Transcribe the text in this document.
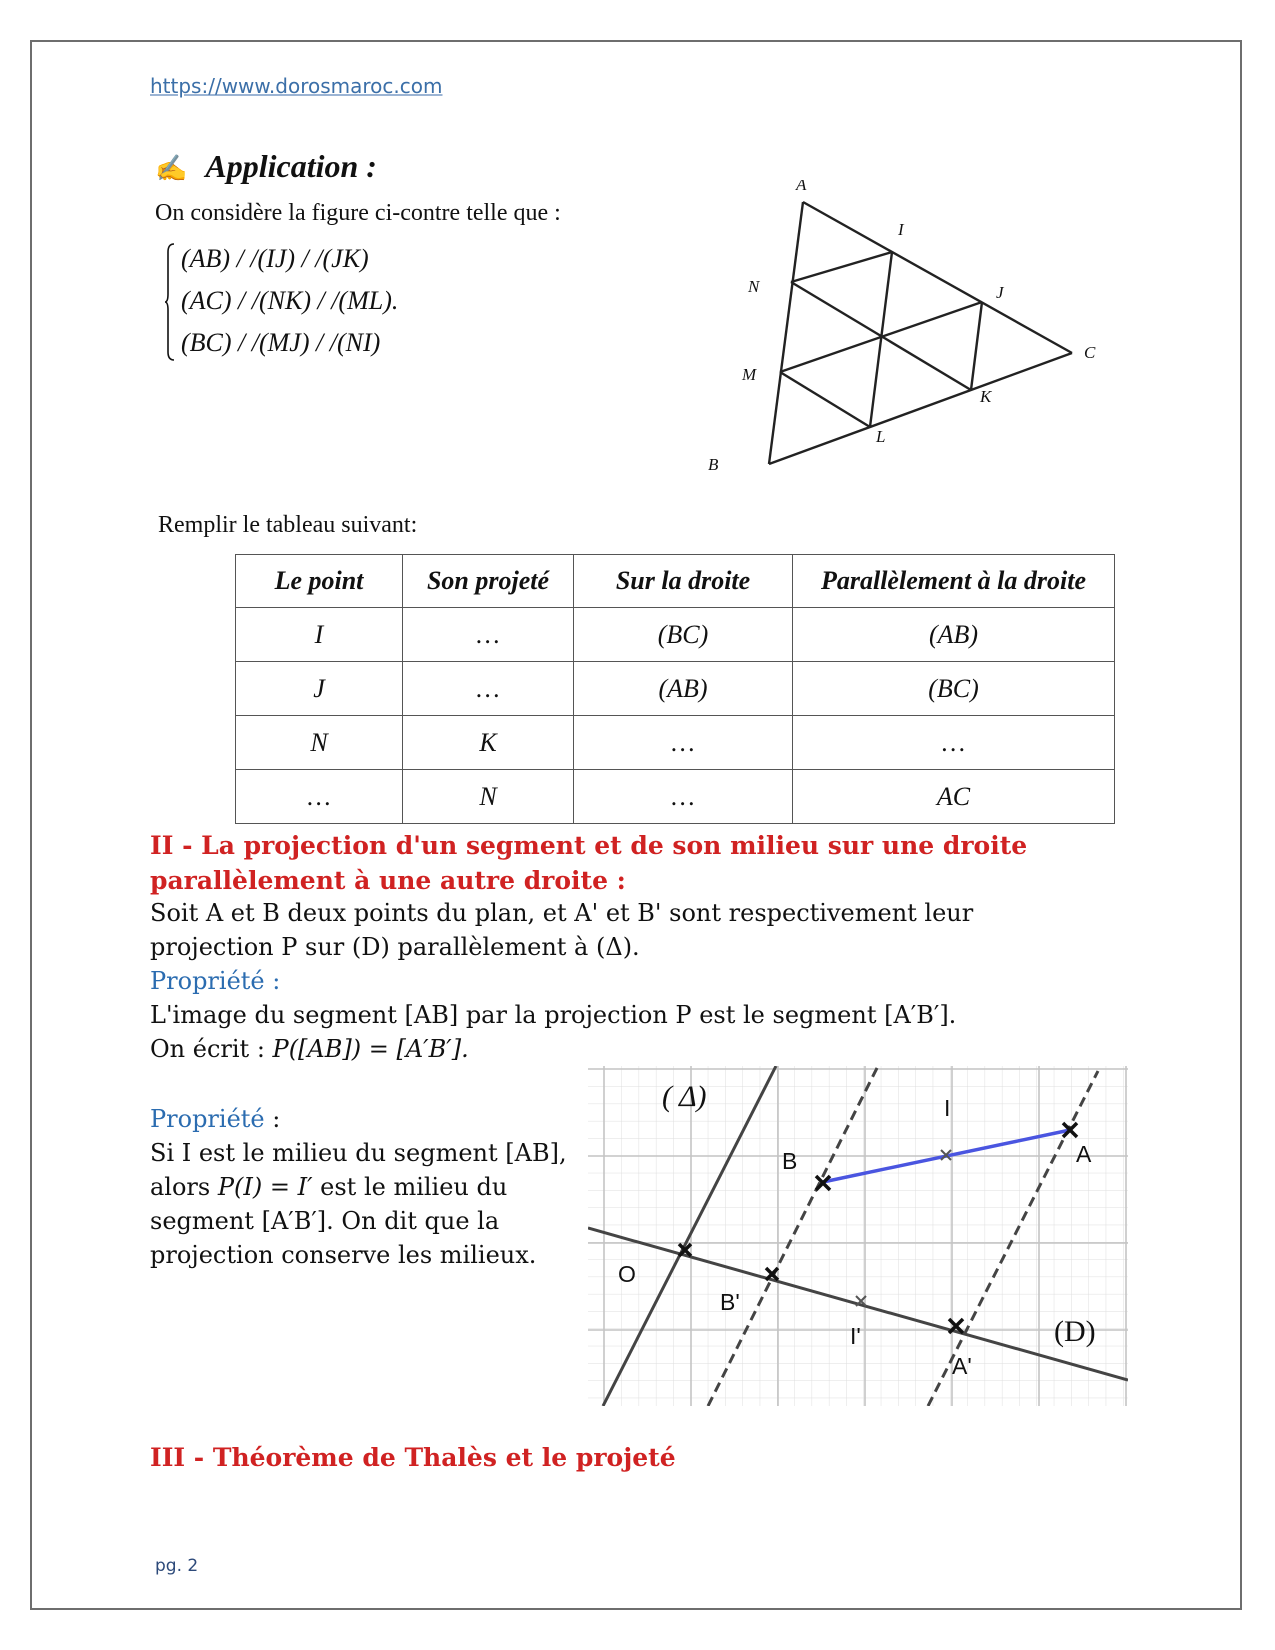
https://www.dorosmaroc.com
✍ Application :
On considère la figure ci-contre telle que :
(AB) / /(IJ) / /(JK)
(AC) / /(NK) / /(ML).
(BC) / /(MJ) / /(NI)
A
B
C
I
J
K
L
M
N
Remplir le tableau suivant:
Le point	Son projeté	Sur la droite	Parallèlement à la droite
I	…	(BC)	(AB)
J	…	(AB)	(BC)
N	K	…	…
…	N	…	AC
II - La projection d'un segment et de son milieu sur une droite
parallèlement à une autre droite :
Soit A et B deux points du plan, et A' et B' sont respectivement leur
projection P sur (D) parallèlement à (Δ).
Propriété :
L'image du segment [AB] par la projection P est le segment [A′B′].
On écrit : P([AB]) = [A′B′].
Propriété :
Si I est le milieu du segment [AB],
alors P(I) = I′ est le milieu du
segment [A′B′]. On dit que la
projection conserve les milieux.
( Δ)
(D)
O
B	A
I
B'
A'
I'
III - Théorème de Thalès et le projeté
pg. 2
